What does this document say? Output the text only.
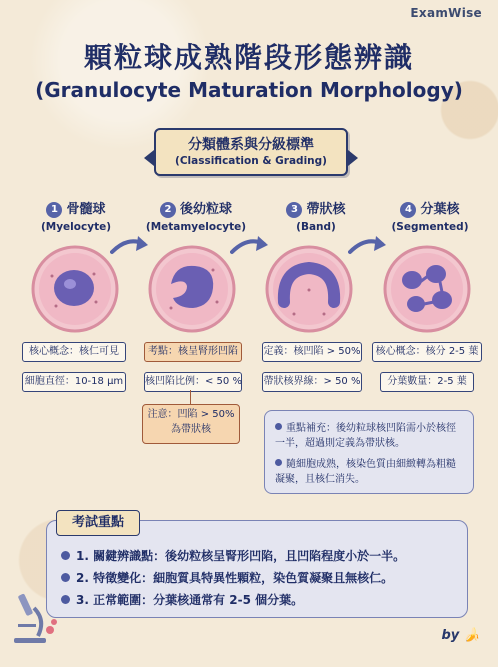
ExamWise
顆粒球成熟階段形態辨識
(Granulocyte Maturation Morphology)
分類體系與分級標準
(Classification & Grading)
1 骨髓球
(Myelocyte)
2 後幼粒球
(Metamyelocyte)
3 帶狀核
(Band)
4 分葉核
(Segmented)
核心概念：核仁可見
細胞直徑：10-18 μm
考點：核呈腎形凹陷
核凹陷比例：< 50 %
注意：凹陷 > 50%
為帶狀核
定義：核凹陷 > 50%
帶狀核界線：> 50 %
核心概念：核分 2-5 葉
分葉數量：2-5 葉
重點補充：後幼粒球核凹陷需小於核徑一半，超過則定義為帶狀核。
隨細胞成熟，核染色質由細緻轉為粗糙凝聚，且核仁消失。
1. 關鍵辨識點：後幼粒核呈腎形凹陷，且凹陷程度小於一半。
2. 特徵變化：細胞質具特異性顆粒，染色質凝聚且無核仁。
3. 正常範圍：分葉核通常有 2-5 個分葉。
考試重點
by 🍌
